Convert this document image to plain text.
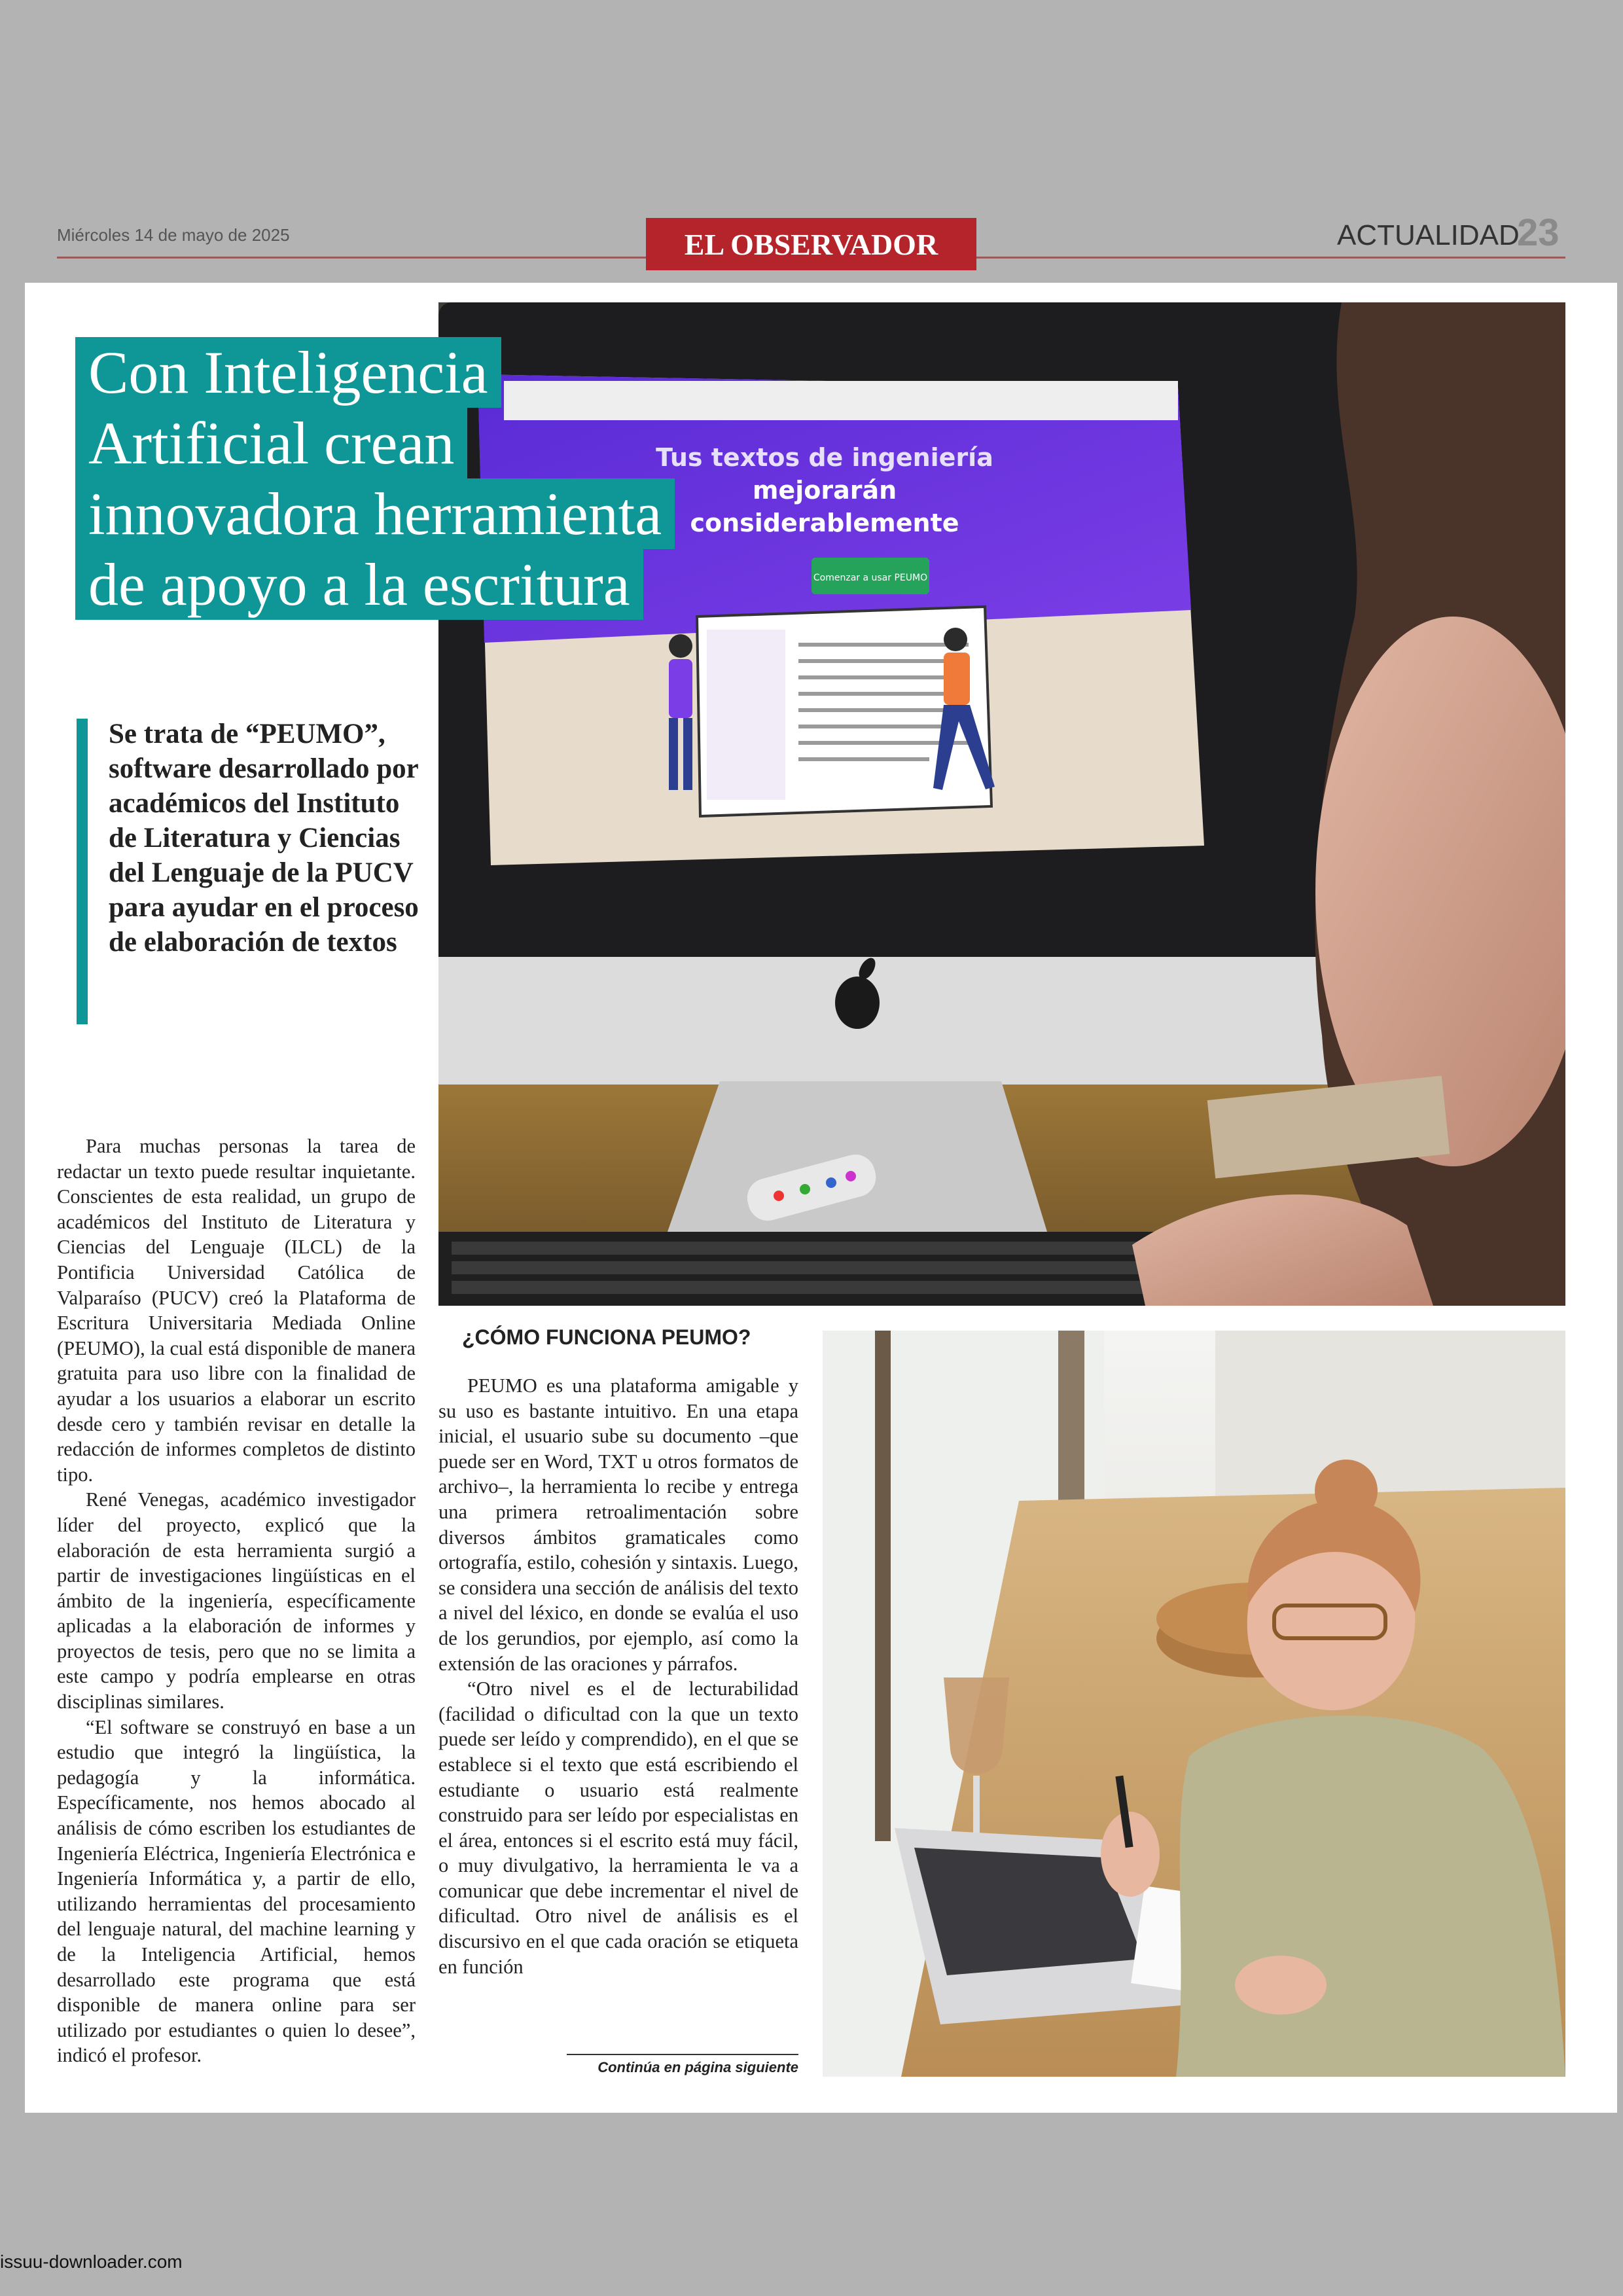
Miércoles 14 de mayo de 2025	EL OBSERVADOR	ACTUALIDAD
23
Comenzar a usar PEUMO
Tus textos de ingeniería
mejorarán
considerablemente
Con Inteligencia
Artificial crean
innovadora herramienta
de apoyo a la escritura
Se trata de “PEUMO”, software desarrollado por académicos del Instituto de Literatura y Ciencias del Lenguaje de la PUCV para ayudar en el proceso de elaboración de textos

Para muchas personas la tarea de redactar un texto puede resultar inquietante. Conscientes de esta realidad, un grupo de académicos del Instituto de Literatura y Ciencias del Lenguaje (ILCL) de la Pontificia Universidad Católica de Valparaíso (PUCV) creó la Plataforma de Escritura Universitaria Mediada Online (PEUMO), la cual está disponible de manera gratuita para uso libre con la finalidad de ayudar a los usuarios a elaborar un escrito desde cero y también revisar en detalle la redacción de informes completos de distinto tipo.

René Venegas, académico investigador líder del proyecto, explicó que la elaboración de esta herramienta surgió a partir de investigaciones lingüísticas en el ámbito de la ingeniería, específicamente aplicadas a la elaboración de informes y proyectos de tesis, pero que no se limita a este campo y podría emplearse en otras disciplinas similares.

“El software se construyó en base a un estudio que integró la lingüística, la pedagogía y la informática. Específicamente, nos hemos abocado al análisis de cómo escriben los estudiantes de Ingeniería Eléctrica, Ingeniería Electrónica e Ingeniería Informática y, a partir de ello, utilizando herramientas del procesamiento del lenguaje natural, del machine learning y de la Inteligencia Artificial, hemos desarrollado este programa que está disponible de manera online para ser utilizado por estudiantes o quien lo desee”, indicó el profesor.

¿CÓMO FUNCIONA PEUMO?

PEUMO es una plataforma amigable y su uso es bastante intuitivo. En una etapa inicial, el usuario sube su documento –que puede ser en Word, TXT u otros formatos de archivo–, la herramienta lo recibe y entrega una primera retroalimentación sobre diversos ámbitos gramaticales como ortografía, estilo, cohesión y sintaxis. Luego, se considera una sección de análisis del texto a nivel del léxico, en donde se evalúa el uso de los gerundios, por ejemplo, así como la extensión de las oraciones y párrafos.

“Otro nivel es el de lecturabilidad (facilidad o dificultad con la que un texto puede ser leído y comprendido), en el que se establece si el texto que está escribiendo el estudiante o usuario está realmente construido para ser leído por especialistas en el área, entonces si el escrito está muy fácil, o muy divulgativo, la herramienta le va a comunicar que debe incrementar el nivel de dificultad. Otro nivel de análisis es el discursivo en el que cada oración se etiqueta en función

Continúa en página siguiente
issuu-downloader.com
